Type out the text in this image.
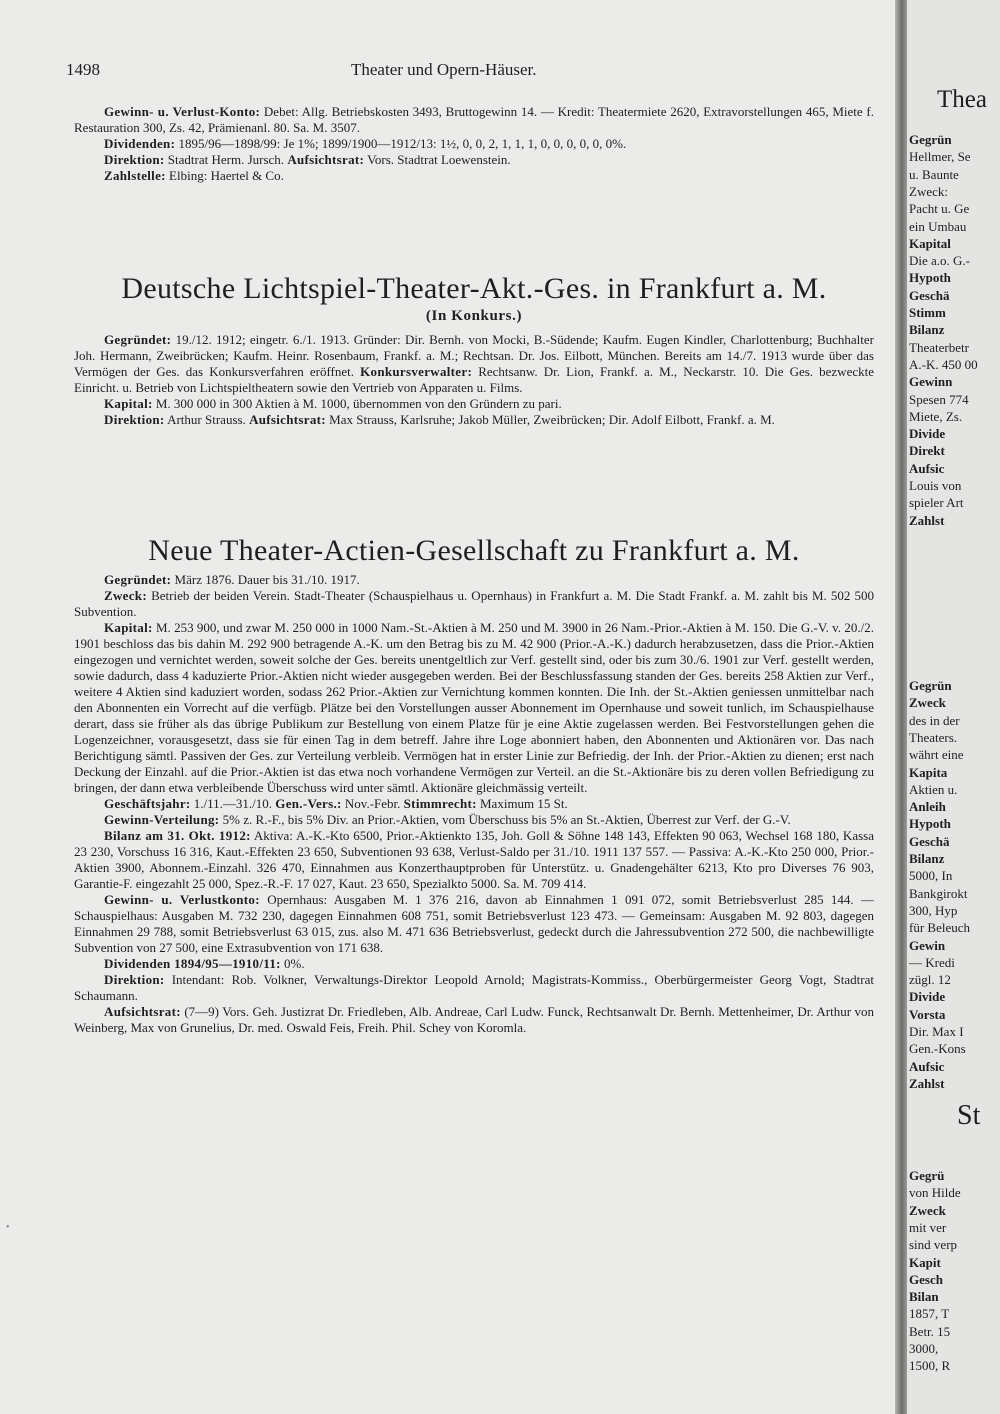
1498	Theater und Opern-Häuser.

Gewinn- u. Verlust-Konto: Debet: Allg. Betriebskosten 3493, Bruttogewinn 14. — Kredit: Theatermiete 2620, Extravorstellungen 465, Miete f. Restauration 300, Zs. 42, Prämienanl. 80. Sa. M. 3507.

Dividenden: 1895/96—1898/99: Je 1%; 1899/1900—1912/13: 1½, 0, 0, 2, 1, 1, 1, 0, 0, 0, 0, 0, 0%.

Direktion: Stadtrat Herm. Jursch. Aufsichtsrat: Vors. Stadtrat Loewenstein.

Zahlstelle: Elbing: Haertel & Co.

Deutsche Lichtspiel-Theater-Akt.-Ges. in Frankfurt a. M.
(In Konkurs.)

Gegründet: 19./12. 1912; eingetr. 6./1. 1913. Gründer: Dir. Bernh. von Mocki, B.-Südende; Kaufm. Eugen Kindler, Charlottenburg; Buchhalter Joh. Hermann, Zweibrücken; Kaufm. Heinr. Rosenbaum, Frankf. a. M.; Rechtsan. Dr. Jos. Eilbott, München. Bereits am 14./7. 1913 wurde über das Vermögen der Ges. das Konkursverfahren eröffnet. Konkursverwalter: Rechtsanw. Dr. Lion, Frankf. a. M., Neckarstr. 10. Die Ges. bezweckte Einricht. u. Betrieb von Lichtspieltheatern sowie den Vertrieb von Apparaten u. Films.

Kapital: M. 300 000 in 300 Aktien à M. 1000, übernommen von den Gründern zu pari.

Direktion: Arthur Strauss. Aufsichtsrat: Max Strauss, Karlsruhe; Jakob Müller, Zweibrücken; Dir. Adolf Eilbott, Frankf. a. M.

Neue Theater-Actien-Gesellschaft zu Frankfurt a. M.

Gegründet: März 1876. Dauer bis 31./10. 1917.

Zweck: Betrieb der beiden Verein. Stadt-Theater (Schauspielhaus u. Opernhaus) in Frankfurt a. M. Die Stadt Frankf. a. M. zahlt bis M. 502 500 Subvention.

Kapital: M. 253 900, und zwar M. 250 000 in 1000 Nam.-St.-Aktien à M. 250 und M. 3900 in 26 Nam.-Prior.-Aktien à M. 150. Die G.-V. v. 20./2. 1901 beschloss das bis dahin M. 292 900 betragende A.-K. um den Betrag bis zu M. 42 900 (Prior.-A.-K.) dadurch herabzusetzen, dass die Prior.-Aktien eingezogen und vernichtet werden, soweit solche der Ges. bereits unentgeltlich zur Verf. gestellt sind, oder bis zum 30./6. 1901 zur Verf. gestellt werden, sowie dadurch, dass 4 kaduzierte Prior.-Aktien nicht wieder ausgegeben werden. Bei der Beschlussfassung standen der Ges. bereits 258 Aktien zur Verf., weitere 4 Aktien sind kaduziert worden, sodass 262 Prior.-Aktien zur Vernichtung kommen konnten. Die Inh. der St.-Aktien geniessen unmittelbar nach den Abonnenten ein Vorrecht auf die verfügb. Plätze bei den Vorstellungen ausser Abonnement im Opernhause und soweit tunlich, im Schauspielhause derart, dass sie früher als das übrige Publikum zur Bestellung von einem Platze für je eine Aktie zugelassen werden. Bei Festvorstellungen gehen die Logenzeichner, vorausgesetzt, dass sie für einen Tag in dem betreff. Jahre ihre Loge abonniert haben, den Abonnenten und Aktionären vor. Das nach Berichtigung sämtl. Passiven der Ges. zur Verteilung verbleib. Vermögen hat in erster Linie zur Befriedig. der Inh. der Prior.-Aktien zu dienen; erst nach Deckung der Einzahl. auf die Prior.-Aktien ist das etwa noch vorhandene Vermögen zur Verteil. an die St.-Aktionäre bis zu deren vollen Befriedigung zu bringen, der dann etwa verbleibende Überschuss wird unter sämtl. Aktionäre gleichmässig verteilt.

Geschäftsjahr: 1./11.—31./10. Gen.-Vers.: Nov.-Febr. Stimmrecht: Maximum 15 St.

Gewinn-Verteilung: 5% z. R.-F., bis 5% Div. an Prior.-Aktien, vom Überschuss bis 5% an St.-Aktien, Überrest zur Verf. der G.-V.

Bilanz am 31. Okt. 1912: Aktiva: A.-K.-Kto 6500, Prior.-Aktienkto 135, Joh. Goll & Söhne 148 143, Effekten 90 063, Wechsel 168 180, Kassa 23 230, Vorschuss 16 316, Kaut.-Effekten 23 650, Subventionen 93 638, Verlust-Saldo per 31./10. 1911 137 557. — Passiva: A.-K.-Kto 250 000, Prior.-Aktien 3900, Abonnem.-Einzahl. 326 470, Einnahmen aus Konzerthauptproben für Unterstütz. u. Gnadengehälter 6213, Kto pro Diverses 76 903, Garantie-F. eingezahlt 25 000, Spez.-R.-F. 17 027, Kaut. 23 650, Spezialkto 5000. Sa. M. 709 414.

Gewinn- u. Verlustkonto: Opernhaus: Ausgaben M. 1 376 216, davon ab Einnahmen 1 091 072, somit Betriebsverlust 285 144. — Schauspielhaus: Ausgaben M. 732 230, dagegen Einnahmen 608 751, somit Betriebsverlust 123 473. — Gemeinsam: Ausgaben M. 92 803, dagegen Einnahmen 29 788, somit Betriebsverlust 63 015, zus. also M. 471 636 Betriebsverlust, gedeckt durch die Jahressubvention 272 500, die nachbewilligte Subvention von 27 500, eine Extrasubvention von 171 638.

Dividenden 1894/95—1910/11: 0%.

Direktion: Intendant: Rob. Volkner, Verwaltungs-Direktor Leopold Arnold; Magistrats-Kommiss., Oberbürgermeister Georg Vogt, Stadtrat Schaumann.

Aufsichtsrat: (7—9) Vors. Geh. Justizrat Dr. Friedleben, Alb. Andreae, Carl Ludw. Funck, Rechtsanwalt Dr. Bernh. Mettenheimer, Dr. Arthur von Weinberg, Max von Grunelius, Dr. med. Oswald Feis, Freih. Phil. Schey von Koromla.

•
Thea
Gegrün
Hellmer, Se
u. Baunte
Zweck:
Pacht u. Ge
ein Umbau
Kapital
Die a.o. G.-
Hypoth
Geschä
Stimm
Bilanz
Theaterbetr
A.-K. 450 00
Gewinn
Spesen 774
Miete, Zs.
Divide
Direkt
Aufsic
Louis von
spieler Art
Zahlst
Gegrün
Zweck
des in der
Theaters.
währt eine
Kapita
Aktien u.
Anleih
Hypoth
Geschä
Bilanz
5000, In
Bankgirokt
300, Hyp
für Beleuch
Gewin
— Kredi
zügl. 12
Divide
Vorsta
Dir. Max I
Gen.-Kons
Aufsic
Zahlst
St
Gegrü
von Hilde
Zweck
mit ver
sind verp
Kapit
Gesch
Bilan
1857, T
Betr. 15
3000,
1500, R
